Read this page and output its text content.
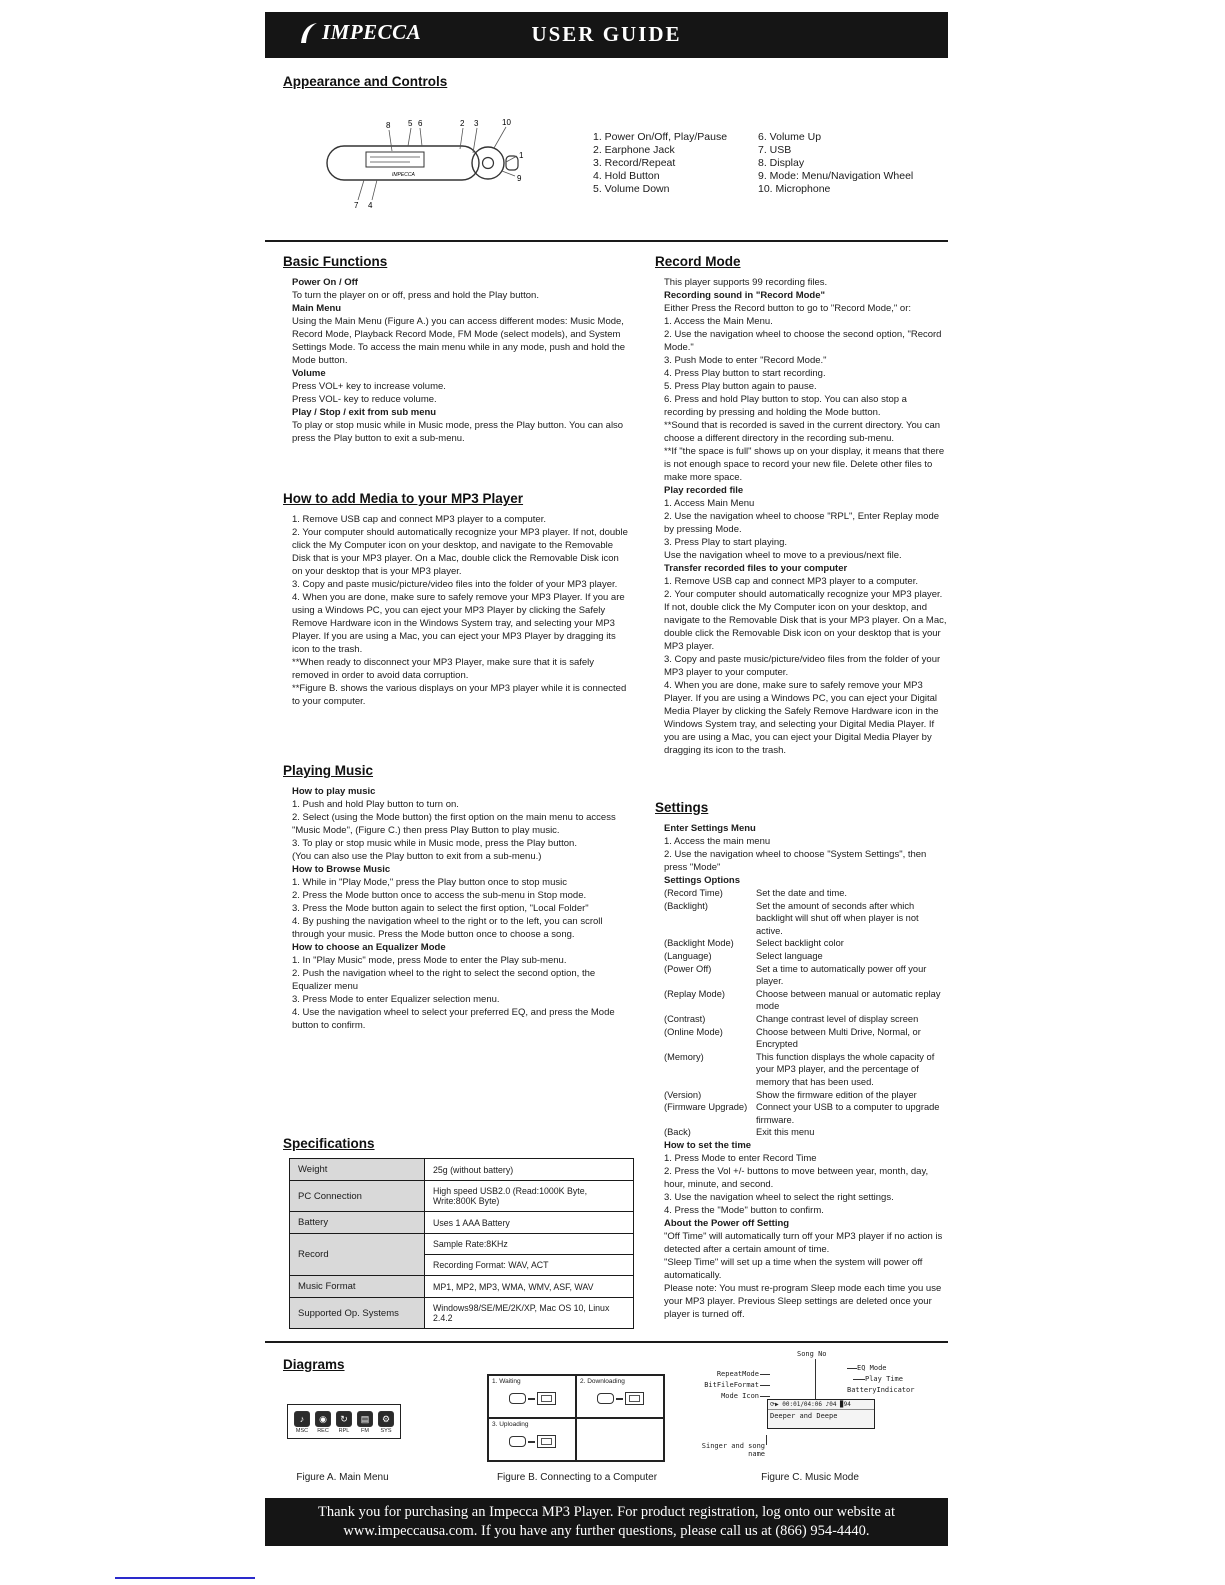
IMPECCA	USER GUIDE
Appearance and Controls
IMPECCA
8 5 6	2 3	10
1
9
7 4
1. Power On/Off, Play/Pause
2. Earphone Jack
3. Record/Repeat
4. Hold Button
5. Volume Down
6. Volume Up
7. USB
8. Display
9. Mode: Menu/Navigation Wheel
10. Microphone
Basic Functions
Power On / Off
To turn the player on or off, press and hold the Play button.
Main Menu
Using the Main Menu (Figure A.) you can access different modes: Music Mode, Record Mode, Playback Record Mode, FM Mode (select models), and System Settings Mode. To access the main menu while in any mode, push and hold the Mode button.
Volume
Press VOL+ key to increase volume.
Press VOL- key to reduce volume.
Play / Stop / exit from sub menu
To play or stop music while in Music mode, press the Play button. You can also press the Play button to exit a sub-menu.
How to add Media to your MP3 Player
1. Remove USB cap and connect MP3 player to a computer.
2. Your computer should automatically recognize your MP3 player. If not, double click the My Computer icon on your desktop, and navigate to the Removable Disk that is your MP3 player. On a Mac, double click the Removable Disk icon on your desktop that is your MP3 player.
3. Copy and paste music/picture/video files into the folder of your MP3 player.
4. When you are done, make sure to safely remove your MP3 Player. If you are using a Windows PC, you can eject your MP3 Player by clicking the Safely Remove Hardware icon in the Windows System tray, and selecting your MP3 Player. If you are using a Mac, you can eject your MP3 Player by dragging its icon to the trash.
**When ready to disconnect your MP3 Player, make sure that it is safely removed in order to avoid data corruption.
**Figure B. shows the various displays on your MP3 player while it is connected to your computer.
Playing Music
How to play music
1. Push and hold Play button to turn on.
2. Select (using the Mode button) the first option on the main menu to access "Music Mode", (Figure C.) then press Play Button to play music.
3. To play or stop music while in Music mode, press the Play button.
(You can also use the Play button to exit from a sub-menu.)
How to Browse Music
1. While in "Play Mode," press the Play button once to stop music
2. Press the Mode button once to access the sub-menu in Stop mode.
3. Press the Mode button again to select the first option, "Local Folder"
4. By pushing the navigation wheel to the right or to the left, you can scroll through your music. Press the Mode button once to choose a song.
How to choose an Equalizer Mode
1. In "Play Music" mode, press Mode to enter the Play sub-menu.
2. Push the navigation wheel to the right to select the second option, the Equalizer menu
3. Press Mode to enter Equalizer selection menu.
4. Use the navigation wheel to select your preferred EQ, and press the Mode button to confirm.
Specifications
Weight	25g (without battery)
PC Connection	High speed USB2.0 (Read:1000K Byte, Write:800K Byte)
Battery	Uses 1 AAA Battery
Record	Sample Rate:8KHz
	Recording Format: WAV, ACT
Music Format	MP1, MP2, MP3, WMA, WMV, ASF, WAV
Supported Op. Systems	Windows98/SE/ME/2K/XP, Mac OS 10, Linux 2.4.2
Record Mode
This player supports 99 recording files.
Recording sound in "Record Mode"
Either Press the Record button to go to "Record Mode," or:
1. Access the Main Menu.
2. Use the navigation wheel to choose the second option, "Record Mode."
3. Push Mode to enter "Record Mode."
4. Press Play button to start recording.
5. Press Play button again to pause.
6. Press and hold Play button to stop. You can also stop a recording by pressing and holding the Mode button.
**Sound that is recorded is saved in the current directory. You can choose a different directory in the recording sub-menu.
**If "the space is full" shows up on your display, it means that there is not enough space to record your new file. Delete other files to make more space.
Play recorded file
1. Access Main Menu
2. Use the navigation wheel to choose "RPL", Enter Replay mode by pressing Mode.
3. Press Play to start playing.
Use the navigation wheel to move to a previous/next file.
Transfer recorded files to your computer
1. Remove USB cap and connect MP3 player to a computer.
2. Your computer should automatically recognize your MP3 player. If not, double click the My Computer icon on your desktop, and navigate to the Removable Disk that is your MP3 player. On a Mac, double click the Removable Disk icon on your desktop that is your MP3 player.
3. Copy and paste music/picture/video files from the folder of your MP3 player to your computer.
4. When you are done, make sure to safely remove your MP3 Player. If you are using a Windows PC, you can eject your Digital Media Player by clicking the Safely Remove Hardware icon in the Windows System tray, and selecting your Digital Media Player. If you are using a Mac, you can eject your Digital Media Player by dragging its icon to the trash.
Settings
Enter Settings Menu
1. Access the main menu
2. Use the navigation wheel to choose "System Settings", then press "Mode"
Settings Options
(Record Time)	Set the date and time.
(Backlight)	Set the amount of seconds after which backlight will shut off when player is not active.
(Backlight Mode)	Select backlight color
(Language)	Select language
(Power Off)	Set a time to automatically power off your player.
(Replay Mode)	Choose between manual or automatic replay mode
(Contrast)	Change contrast level of display screen
(Online Mode)	Choose between Multi Drive, Normal, or Encrypted
(Memory)	This function displays the whole capacity of your MP3 player, and the percentage of memory that has been used.
(Version)	Show the firmware edition of the player
(Firmware Upgrade) Connect your USB to a computer to upgrade firmware.
(Back)	Exit this menu
How to set the time
1. Press Mode to enter Record Time
2. Press the Vol +/- buttons to move between year, month, day, hour, minute, and second.
3. Use the navigation wheel to select the right settings.
4. Press the "Mode" button to confirm.
About the Power off Setting
"Off Time" will automatically turn off your MP3 player if no action is detected after a certain amount of time.
"Sleep Time" will set up a time when the system will power off automatically.
Please note: You must re-program Sleep mode each time you use your MP3 player. Previous Sleep settings are deleted once your player is turned off.
Diagrams
♪
MSC
◉
REC
↻
RPL
▤
FM
⚙
SYS
Figure A. Main Menu
1. Waiting	2. Downloading
3. Uploading
Figure B. Connecting to a Computer
Song No
RepeatMode
BitFileFormat
Mode Icon
EQ Mode
Play Time
BatteryIndicator
Singer and song name
⟳▶ 00:01/04:06 ♪04 ▉94
Deeper and Deepe
Figure C. Music Mode
Thank you for purchasing an Impecca MP3 Player. For product registration, log onto our website at
www.impeccausa.com. If you have any further questions, please call us at (866) 954-4440.
